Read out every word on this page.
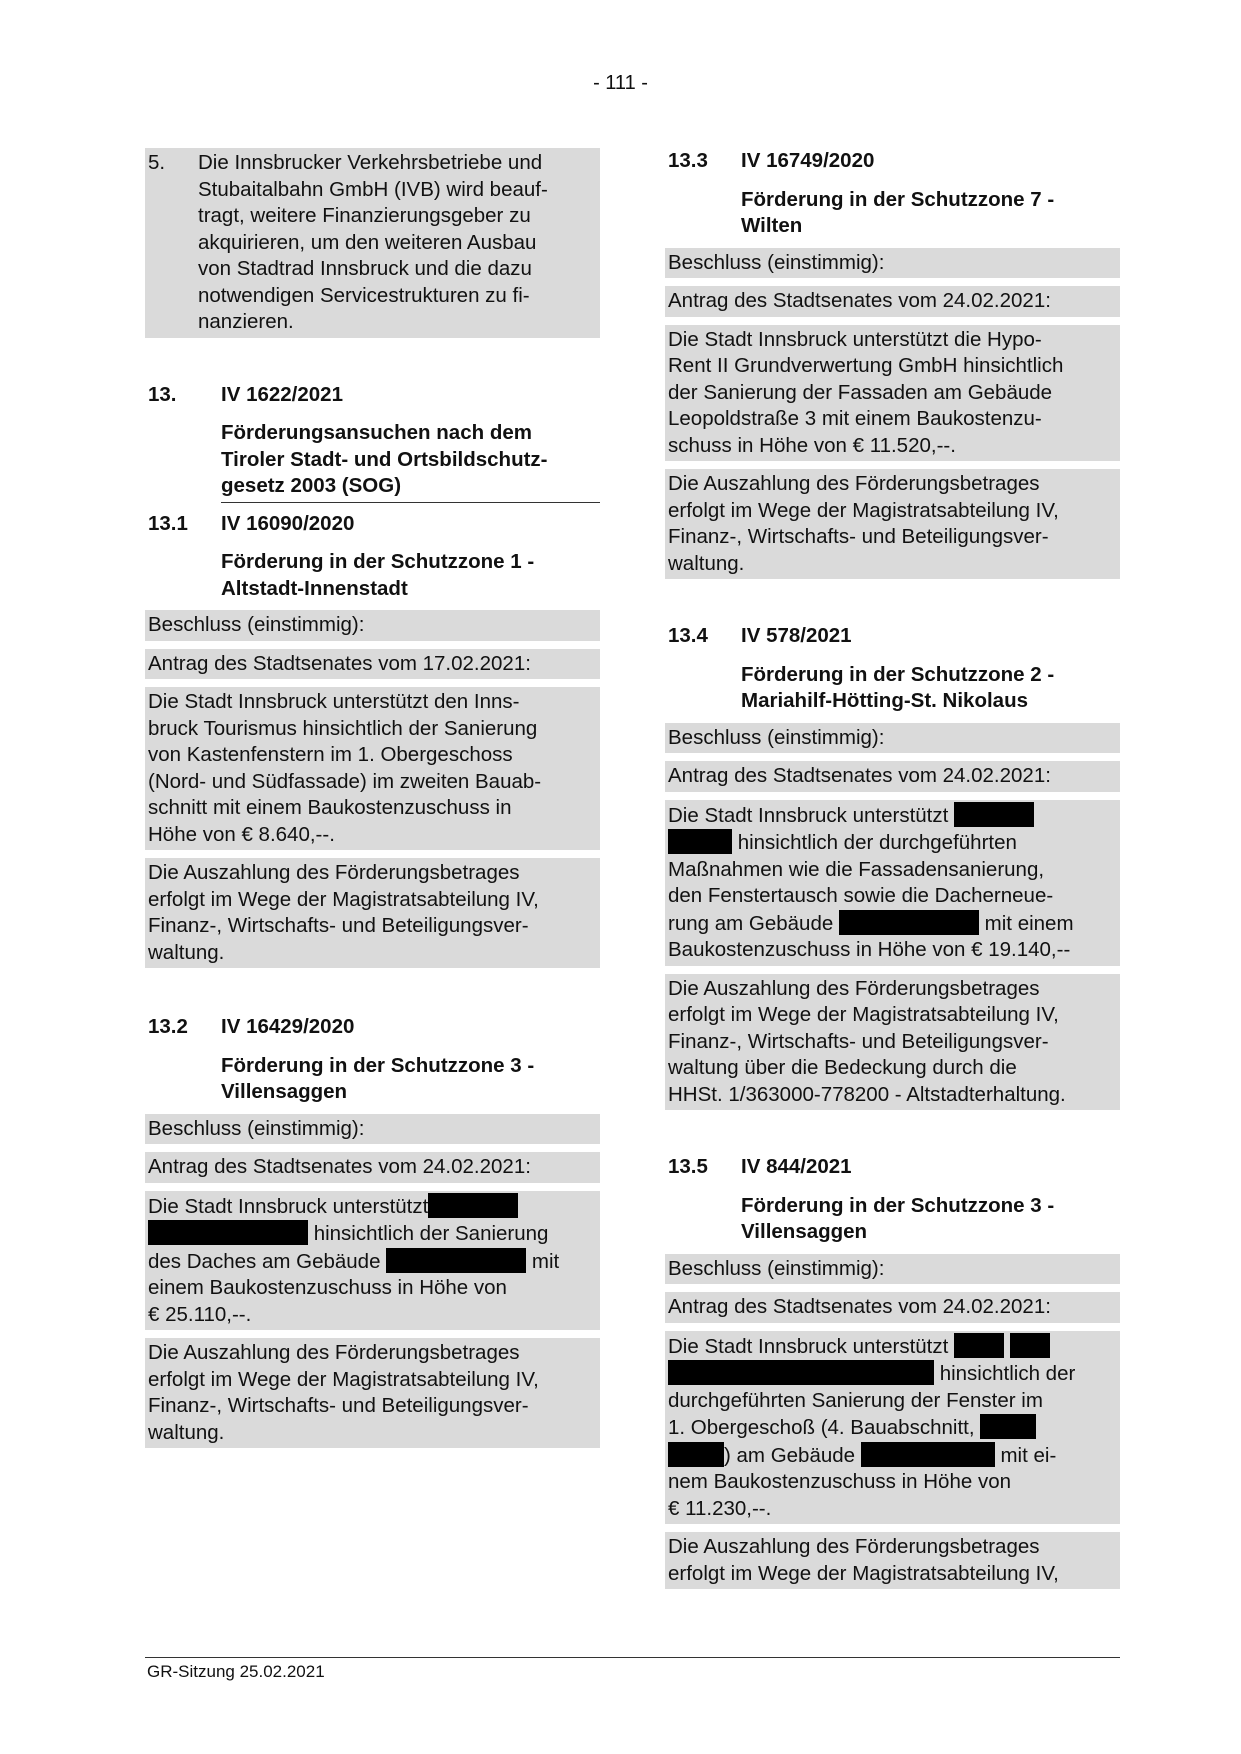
- 111 -
5.	Die Innsbrucker Verkehrsbetriebe und
Stubaitalbahn GmbH (IVB) wird beauf-
tragt, weitere Finanzierungsgeber zu
akquirieren, um den weiteren Ausbau
von Stadtrad Innsbruck und die dazu
notwendigen Servicestrukturen zu fi-
nanzieren.
13.	IV 1622/2021
Förderungsansuchen nach dem
Tiroler Stadt- und Ortsbildschutz-
gesetz 2003 (SOG)
13.1	IV 16090/2020
Förderung in der Schutzzone 1 -
Altstadt-Innenstadt
Beschluss (einstimmig):
Antrag des Stadtsenates vom 17.02.2021:
Die Stadt Innsbruck unterstützt den Inns-
bruck Tourismus hinsichtlich der Sanierung
von Kastenfenstern im 1. Obergeschoss
(Nord- und Südfassade) im zweiten Bauab-
schnitt mit einem Baukostenzuschuss in
Höhe von € 8.640,--.
Die Auszahlung des Förderungsbetrages
erfolgt im Wege der Magistratsabteilung IV,
Finanz-, Wirtschafts- und Beteiligungsver-
waltung.
13.2	IV 16429/2020
Förderung in der Schutzzone 3 -
Villensaggen
Beschluss (einstimmig):
Antrag des Stadtsenates vom 24.02.2021:
Die Stadt Innsbruck unterstützt
hinsichtlich der Sanierung
des Daches am Gebäude	mit
einem Baukostenzuschuss in Höhe von
€ 25.110,--.
Die Auszahlung des Förderungsbetrages
erfolgt im Wege der Magistratsabteilung IV,
Finanz-, Wirtschafts- und Beteiligungsver-
waltung.
13.3	IV 16749/2020
Förderung in der Schutzzone 7 -
Wilten
Beschluss (einstimmig):
Antrag des Stadtsenates vom 24.02.2021:
Die Stadt Innsbruck unterstützt die Hypo-
Rent II Grundverwertung GmbH hinsichtlich
der Sanierung der Fassaden am Gebäude
Leopoldstraße 3 mit einem Baukostenzu-
schuss in Höhe von € 11.520,--.
Die Auszahlung des Förderungsbetrages
erfolgt im Wege der Magistratsabteilung IV,
Finanz-, Wirtschafts- und Beteiligungsver-
waltung.
13.4	IV 578/2021
Förderung in der Schutzzone 2 -
Mariahilf-Hötting-St. Nikolaus
Beschluss (einstimmig):
Antrag des Stadtsenates vom 24.02.2021:
Die Stadt Innsbruck unterstützt
hinsichtlich der durchgeführten
Maßnahmen wie die Fassadensanierung,
den Fenstertausch sowie die Dacherneue-
rung am Gebäude	mit einem
Baukostenzuschuss in Höhe von € 19.140,--
Die Auszahlung des Förderungsbetrages
erfolgt im Wege der Magistratsabteilung IV,
Finanz-, Wirtschafts- und Beteiligungsver-
waltung über die Bedeckung durch die
HHSt. 1/363000-778200 - Altstadterhaltung.
13.5	IV 844/2021
Förderung in der Schutzzone 3 -
Villensaggen
Beschluss (einstimmig):
Antrag des Stadtsenates vom 24.02.2021:
Die Stadt Innsbruck unterstützt
hinsichtlich der
durchgeführten Sanierung der Fenster im
1. Obergeschoß (4. Bauabschnitt,
) am Gebäude	mit ei-
nem Baukostenzuschuss in Höhe von
€ 11.230,--.
Die Auszahlung des Förderungsbetrages
erfolgt im Wege der Magistratsabteilung IV,
GR-Sitzung 25.02.2021
